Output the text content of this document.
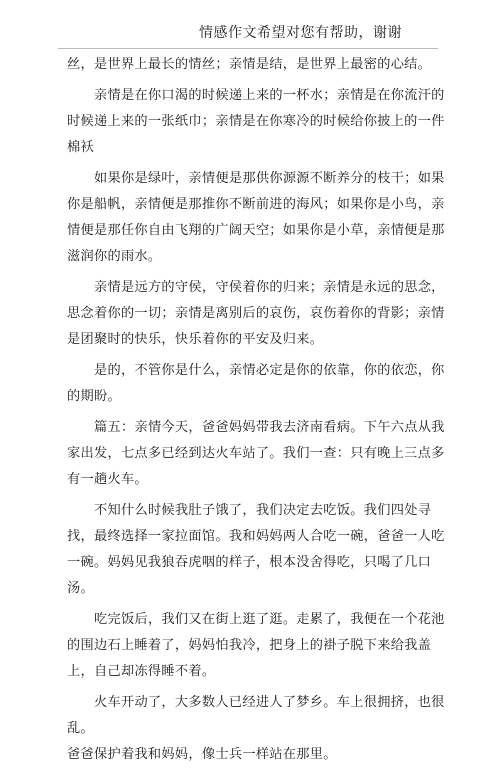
情感作文希望对您有帮助，谢谢

丝，是世界上最长的情丝；亲情是结，是世界上最密的心结。

亲情是在你口渴的时候递上来的一杯水；亲情是在你流汗的时候递上来的一张纸巾；亲情是在你寒冷的时候给你披上的一件棉袄

如果你是绿叶，亲情便是那供你源源不断养分的枝干；如果你是船帆，亲情便是那推你不断前进的海风；如果你是小鸟，亲情便是那任你自由飞翔的广阔天空；如果你是小草，亲情便是那滋润你的雨水。

亲情是远方的守侯，守侯着你的归来；亲情是永远的思念，思念着你的一切；亲情是离别后的哀伤，哀伤着你的背影；亲情是团聚时的快乐，快乐着你的平安及归来。

是的，不管你是什么，亲情必定是你的依靠，你的依恋，你的期盼。

篇五：亲情今天，爸爸妈妈带我去济南看病。下午六点从我家出发，七点多已经到达火车站了。我们一查：只有晚上三点多有一趟火车。

不知什么时候我肚子饿了，我们决定去吃饭。我们四处寻找，最终选择一家拉面馆。我和妈妈两人合吃一碗，爸爸一人吃一碗。妈妈见我狼吞虎咽的样子，根本没舍得吃，只喝了几口汤。

吃完饭后，我们又在街上逛了逛。走累了，我便在一个花池的围边石上睡着了，妈妈怕我冷，把身上的褂子脱下来给我盖上，自己却冻得睡不着。

火车开动了，大多数人已经进人了梦乡。车上很拥挤，也很乱。

爸爸保护着我和妈妈，像士兵一样站在那里。
